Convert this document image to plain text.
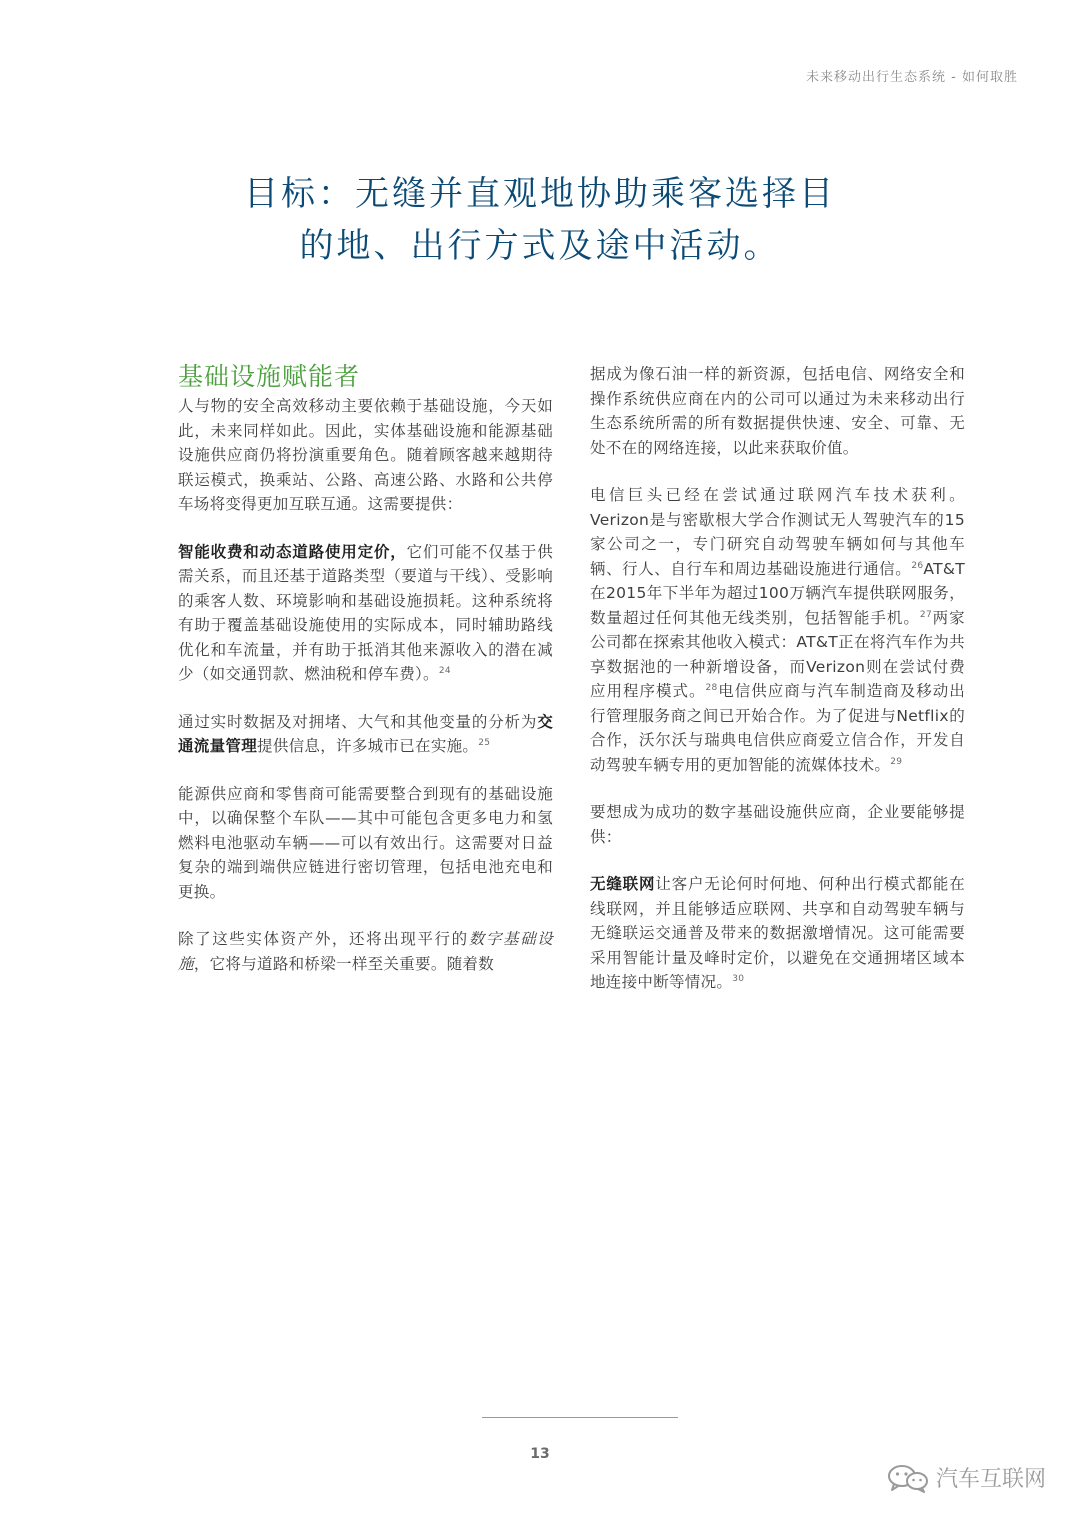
未来移动出行生态系统 - 如何取胜
目标：无缝并直观地协助乘客选择目
的地、出行方式及途中活动。
基础设施赋能者

人与物的安全高效移动主要依赖于基础设施，今天如此，未来同样如此。因此，实体基础设施和能源基础设施供应商仍将扮演重要角色。随着顾客越来越期待联运模式，换乘站、公路、高速公路、水路和公共停车场将变得更加互联互通。这需要提供：

智能收费和动态道路使用定价，它们可能不仅基于供需关系，而且还基于道路类型（要道与干线）、受影响的乘客人数、环境影响和基础设施损耗。这种系统将有助于覆盖基础设施使用的实际成本，同时辅助路线优化和车流量，并有助于抵消其他来源收入的潜在减少（如交通罚款、燃油税和停车费）。$^{24}$

通过实时数据及对拥堵、大气和其他变量的分析为交通流量管理提供信息，许多城市已在实施。$^{25}$

能源供应商和零售商可能需要整合到现有的基础设施中，以确保整个车队——其中可能包含更多电力和氢燃料电池驱动车辆——可以有效出行。这需要对日益复杂的端到端供应链进行密切管理，包括电池充电和更换。

除了这些实体资产外，还将出现平行的数字基础设施，它将与道路和桥梁一样至关重要。随着数

据成为像石油一样的新资源，包括电信、网络安全和操作系统供应商在内的公司可以通过为未来移动出行生态系统所需的所有数据提供快速、安全、可靠、无处不在的网络连接，以此来获取价值。

电信巨头已经在尝试通过联网汽车技术获利。Verizon是与密歇根大学合作测试无人驾驶汽车的15家公司之一，专门研究自动驾驶车辆如何与其他车辆、行人、自行车和周边基础设施进行通信。$^{26}$AT&T在2015年下半年为超过100万辆汽车提供联网服务，数量超过任何其他无线类别，包括智能手机。$^{27}$两家公司都在探索其他收入模式：AT&T正在将汽车作为共享数据池的一种新增设备，而Verizon则在尝试付费应用程序模式。$^{28}$电信供应商与汽车制造商及移动出行管理服务商之间已开始合作。为了促进与Netflix的合作，沃尔沃与瑞典电信供应商爱立信合作，开发自动驾驶车辆专用的更加智能的流媒体技术。$^{29}$

要想成为成功的数字基础设施供应商，企业要能够提供：

无缝联网让客户无论何时何地、何种出行模式都能在线联网，并且能够适应联网、共享和自动驾驶车辆与无缝联运交通普及带来的数据激增情况。这可能需要采用智能计量及峰时定价，以避免在交通拥堵区域本地连接中断等情况。$^{30}$

13
汽车互联网
